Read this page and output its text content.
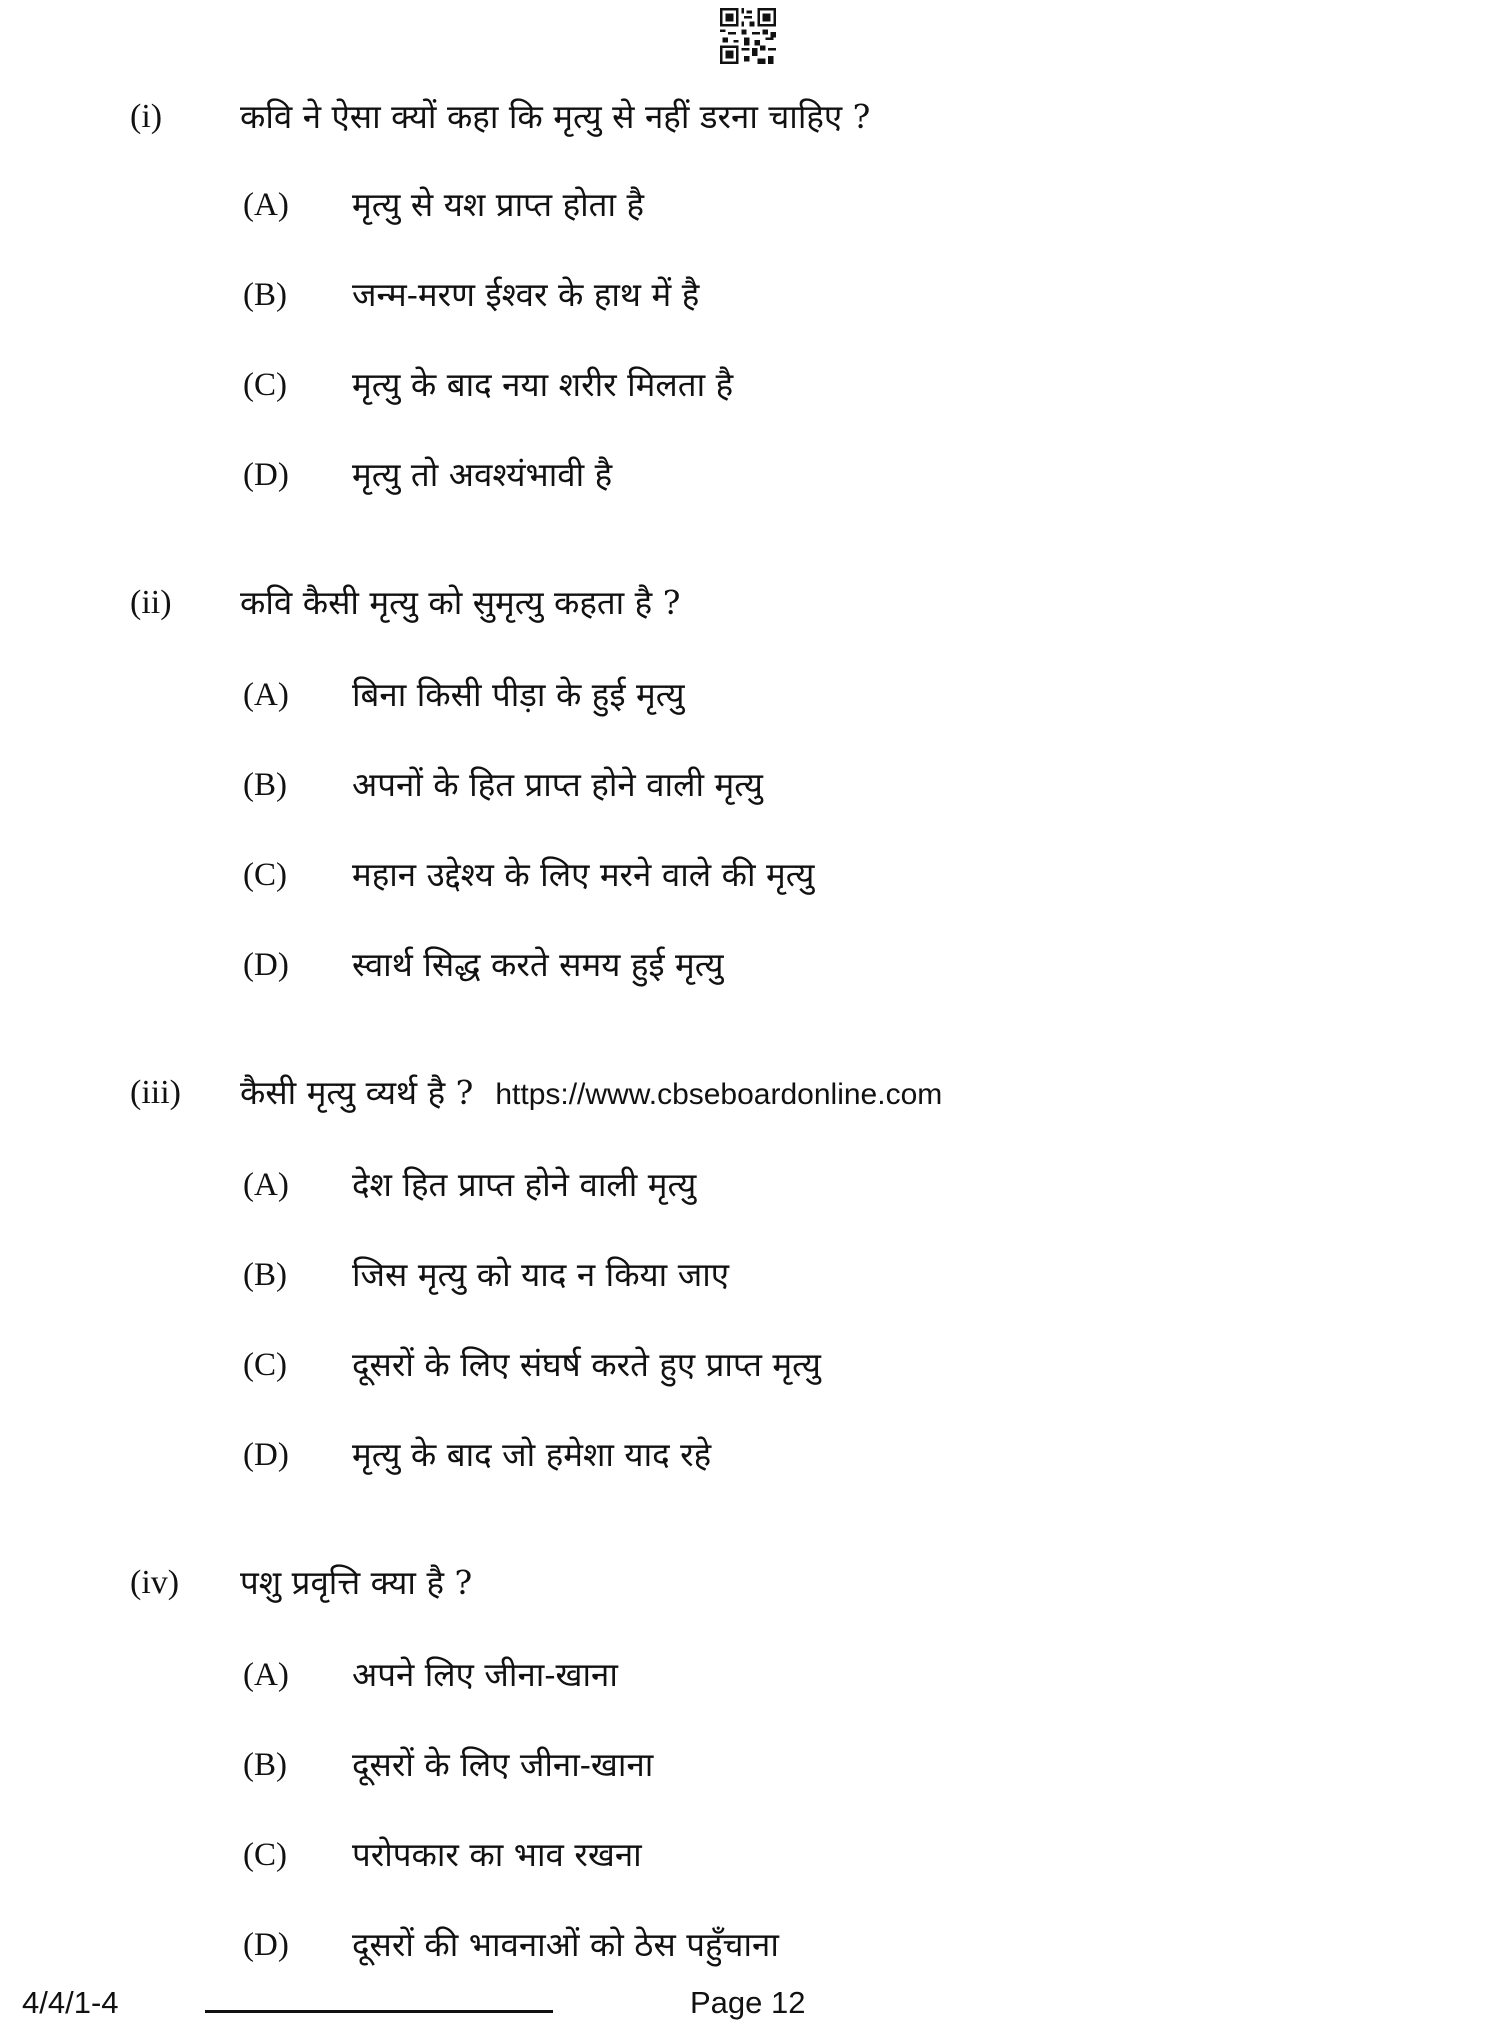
(i) कवि ने ऐसा क्यों कहा कि मृत्यु से नहीं डरना चाहिए ?
(A) मृत्यु से यश प्राप्त होता है
(B) जन्म-मरण ईश्वर के हाथ में है
(C) मृत्यु के बाद नया शरीर मिलता है
(D) मृत्यु तो अवश्यंभावी है
(ii) कवि कैसी मृत्यु को सुमृत्यु कहता है ?
(A) बिना किसी पीड़ा के हुई मृत्यु
(B) अपनों के हित प्राप्त होने वाली मृत्यु
(C) महान उद्देश्य के लिए मरने वाले की मृत्यु
(D) स्वार्थ सिद्ध करते समय हुई मृत्यु
(iii) कैसी मृत्यु व्यर्थ है ? https://www.cbseboardonline.com
(A) देश हित प्राप्त होने वाली मृत्यु
(B) जिस मृत्यु को याद न किया जाए
(C) दूसरों के लिए संघर्ष करते हुए प्राप्त मृत्यु
(D) मृत्यु के बाद जो हमेशा याद रहे
(iv) पशु प्रवृत्ति क्या है ?
(A) अपने लिए जीना-खाना
(B) दूसरों के लिए जीना-खाना
(C) परोपकार का भाव रखना
(D) दूसरों की भावनाओं को ठेस पहुँचाना
4/4/1-4	Page 12
